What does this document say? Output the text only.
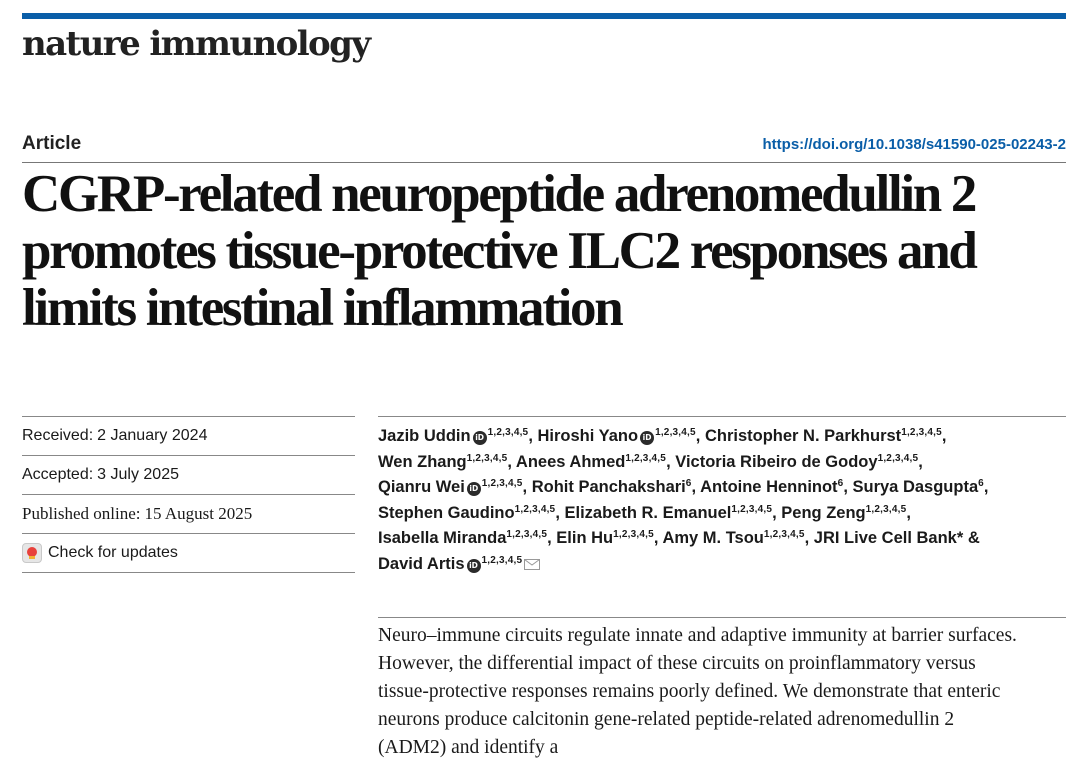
nature immunology
Article	https://doi.org/10.1038/s41590-025-02243-2
CGRP-related neuropeptide adrenomedullin 2 promotes tissue-protective ILC2 responses and limits intestinal inflammation
Received: 2 January 2024
Accepted: 3 July 2025
Published online: 15 August 2025
Check for updates
Jazib Uddin iD $^{1,2,3,4,5}$, Hiroshi Yano iD $^{1,2,3,4,5}$, Christopher N. Parkhurst$^{1,2,3,4,5}$, Wen Zhang$^{1,2,3,4,5}$, Anees Ahmed$^{1,2,3,4,5}$, Victoria Ribeiro de Godoy$^{1,2,3,4,5}$, Qianru Wei iD $^{1,2,3,4,5}$, Rohit Panchakshari$^6$, Antoine Henninot$^6$, Surya Dasgupta$^6$, Stephen Gaudino$^{1,2,3,4,5}$, Elizabeth R. Emanuel$^{1,2,3,4,5}$, Peng Zeng$^{1,2,3,4,5}$, Isabella Miranda$^{1,2,3,4,5}$, Elin Hu$^{1,2,3,4,5}$, Amy M. Tsou$^{1,2,3,4,5}$, JRI Live Cell Bank* & David Artis iD $^{1,2,3,4,5}$

Neuro–immune circuits regulate innate and adaptive immunity at barrier surfaces. However, the differential impact of these circuits on proinflammatory versus tissue-protective responses remains poorly defined. We demonstrate that enteric neurons produce calcitonin gene-related peptide-related adrenomedullin 2 (ADM2) and identify a
